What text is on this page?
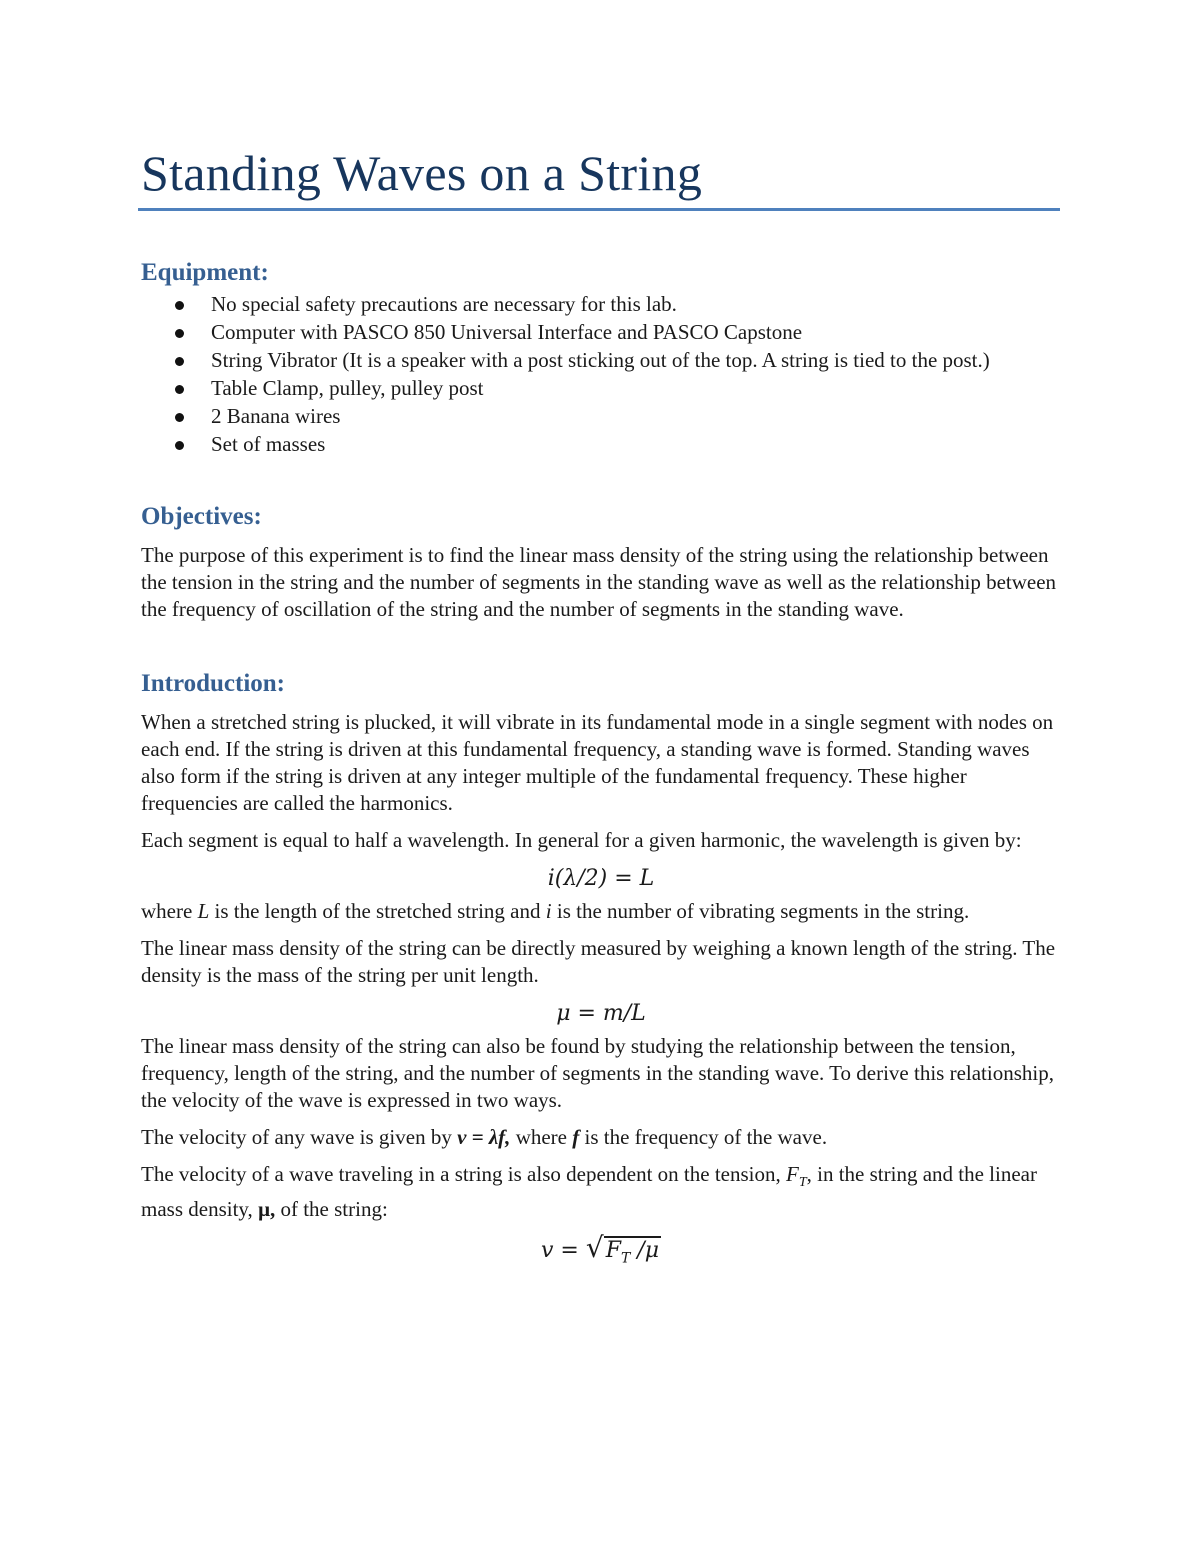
Standing Waves on a String
Equipment:
No special safety precautions are necessary for this lab.
Computer with PASCO 850 Universal Interface and PASCO Capstone
String Vibrator (It is a speaker with a post sticking out of the top. A string is tied to the post.)
Table Clamp, pulley, pulley post
2 Banana wires
Set of masses
Objectives:

The purpose of this experiment is to find the linear mass density of the string using the relationship between the tension in the string and the number of segments in the standing wave as well as the relationship between the frequency of oscillation of the string and the number of segments in the standing wave.

Introduction:

When a stretched string is plucked, it will vibrate in its fundamental mode in a single segment with nodes on each end. If the string is driven at this fundamental frequency, a standing wave is formed. Standing waves also form if the string is driven at any integer multiple of the fundamental frequency. These higher frequencies are called the harmonics.

Each segment is equal to half a wavelength. In general for a given harmonic, the wavelength is given by:

i(λ/2) = L

where L is the length of the stretched string and i is the number of vibrating segments in the string.

The linear mass density of the string can be directly measured by weighing a known length of the string. The density is the mass of the string per unit length.

μ = m/L

The linear mass density of the string can also be found by studying the relationship between the tension, frequency, length of the string, and the number of segments in the standing wave. To derive this relationship, the velocity of the wave is expressed in two ways.

The velocity of any wave is given by v = λf, where f is the frequency of the wave.

The velocity of a wave traveling in a string is also dependent on the tension, $F_T$, in the string and the linear mass density, μ, of the string:

$v = √F_T$ /μ
